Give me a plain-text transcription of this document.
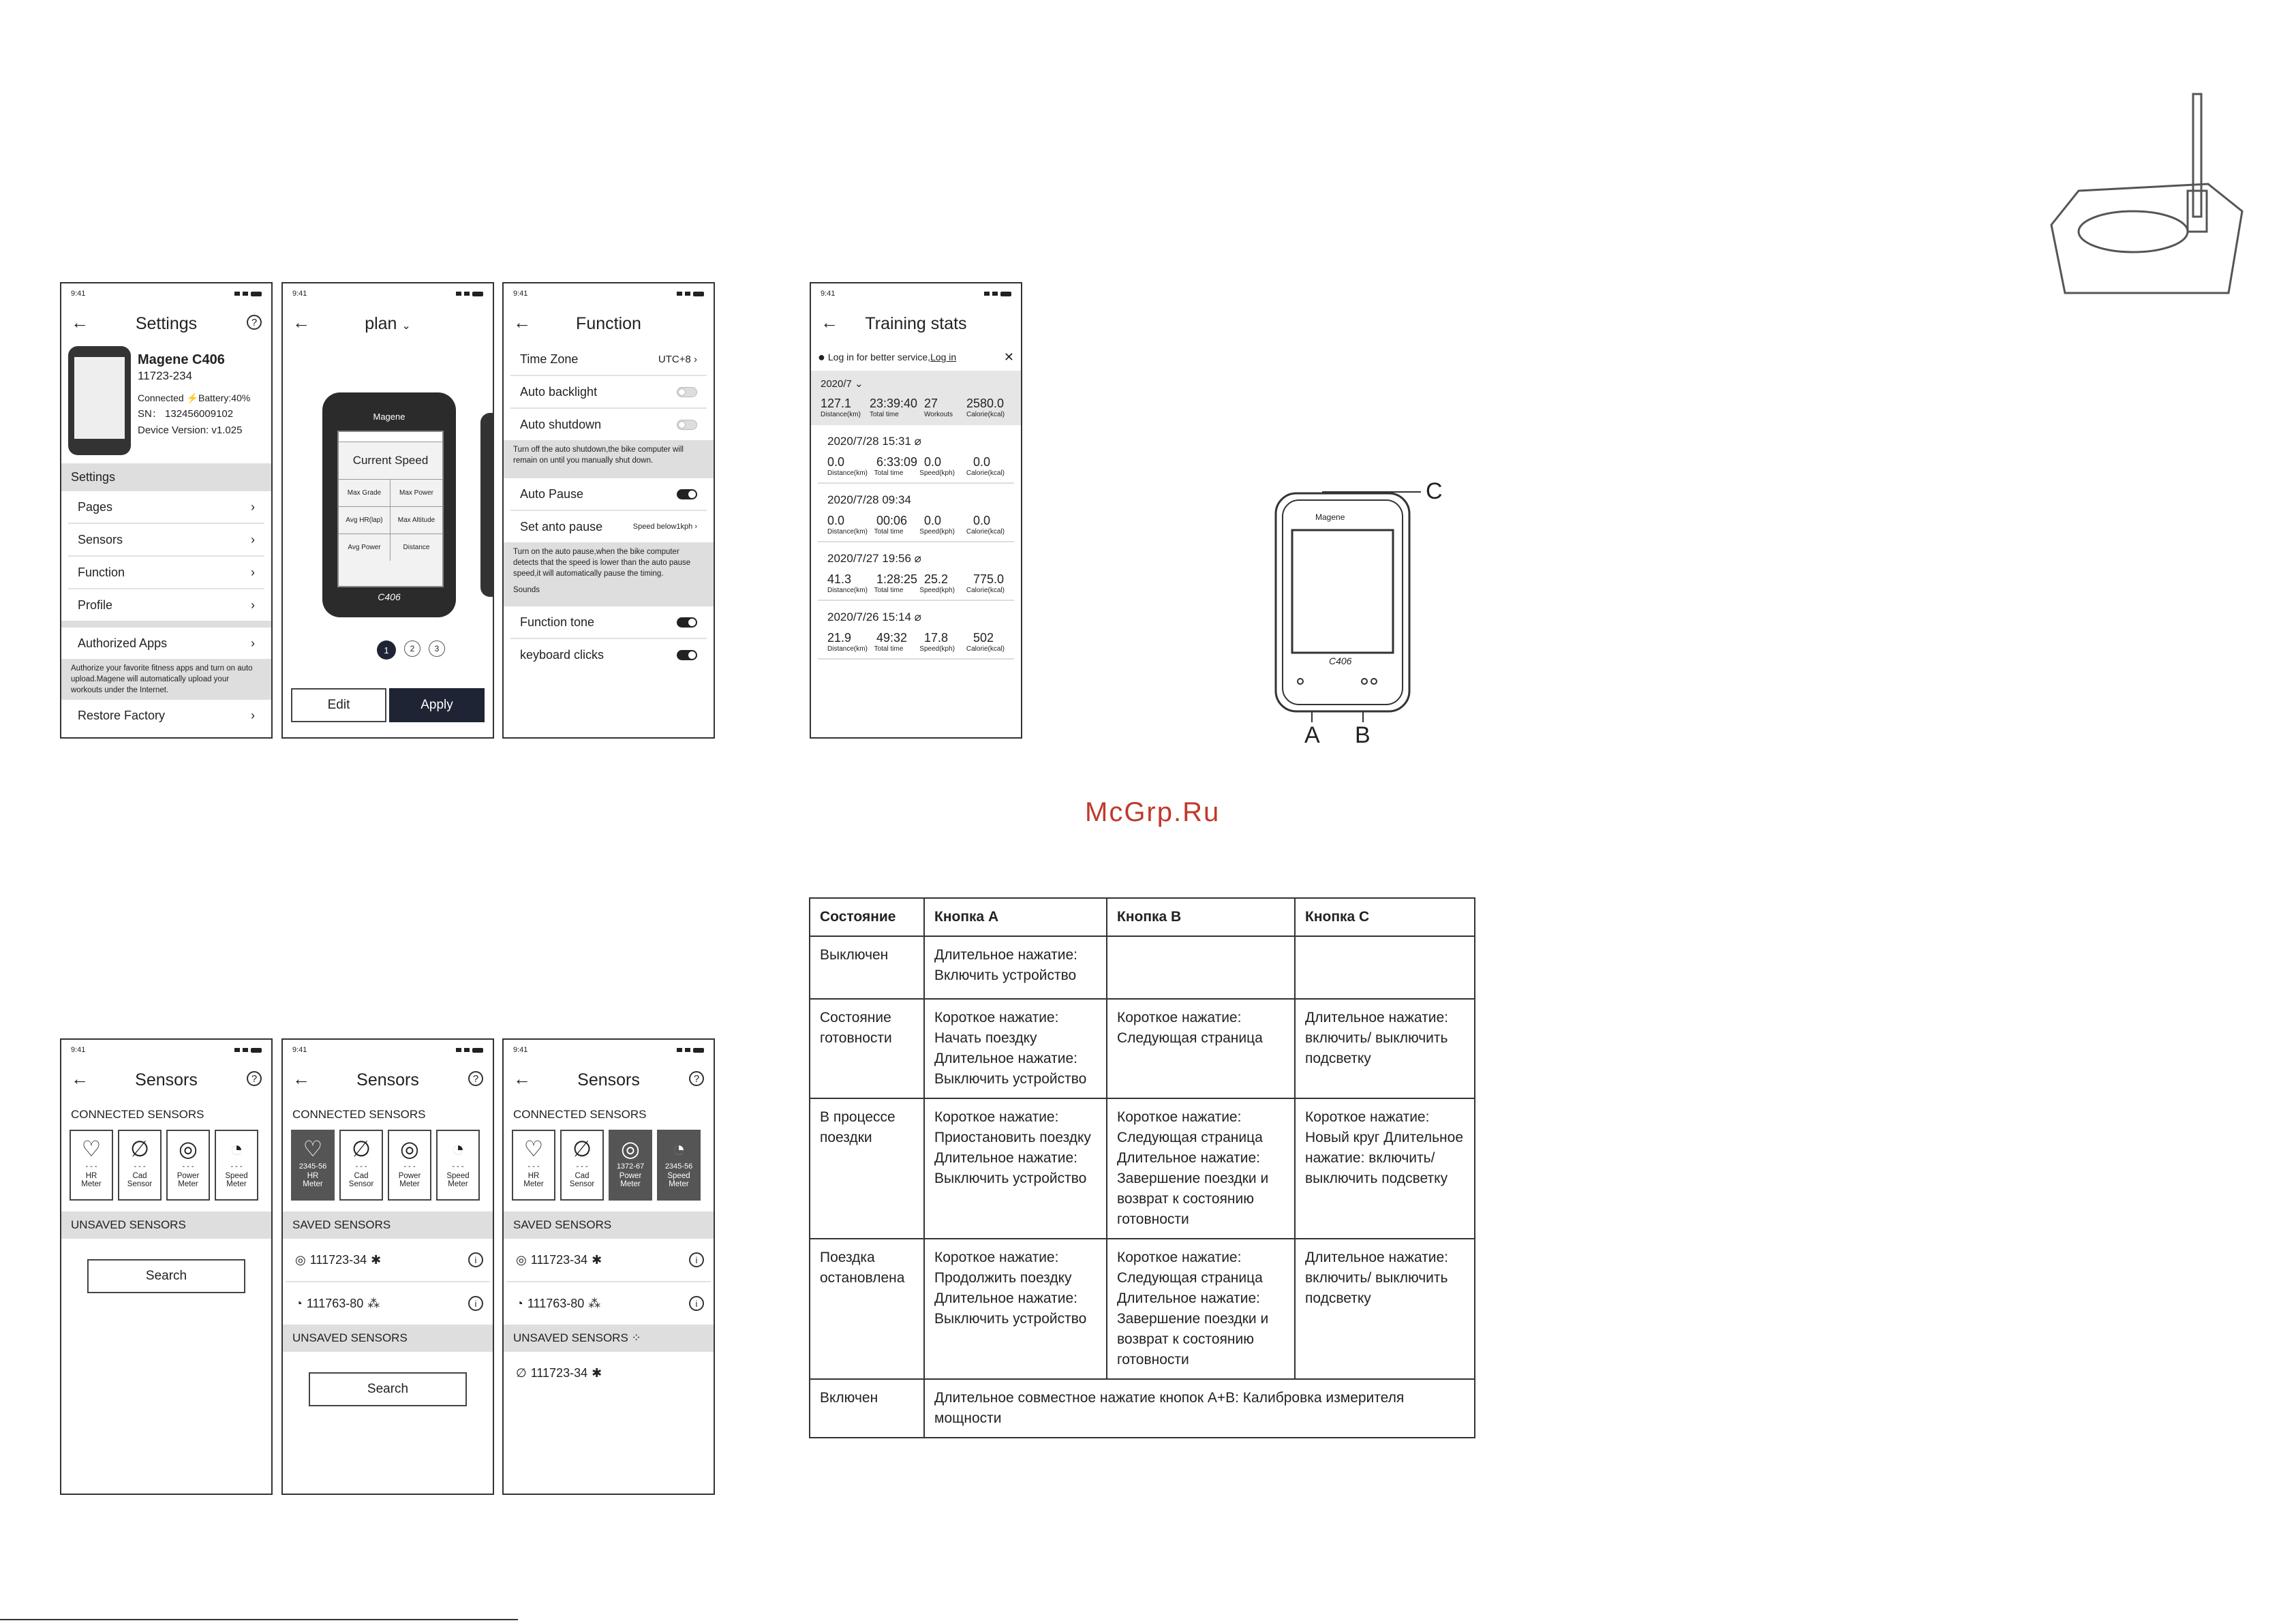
9:41
←	Settings	?
Magene C406
11723-234
Connected ⚡Battery:40%
SN： 132456009102
Device Version: v1.025
Settings
Pages	›
Sensors	›
Function	›
Profile	›
Authorized Apps	›
Authorize your favorite fitness apps and turn on auto upload.Magene will automatically upload your workouts under the Internet.
Restore Factory	›
9:41
←	plan ⌄
Magene
Current Speed
Max Grade	Max Power
Avg HR(lap)	Max Altitude
Avg Power	Distance
C406
1	2	3
Edit	Apply
9:41
←	Function
Time Zone	UTC+8 ›
Auto backlight
Auto shutdown
Turn off the auto shutdown,the bike computer will remain on until you manually shut down.
Auto Pause
Set anto pause	Speed below1kph ›
Turn on the auto pause,when the bike computer detects that the speed is lower than the auto pause speed,it will automatically pause the timing.
Sounds
Function tone
keyboard clicks
9:41
← Training stats
● Log in for better service, Log in	✕
2020/7 ⌄
127.1	23:39:40 27	2580.0
Distance(km)	Total time	Workouts	Calorie(kcal)
2020/7/28 15:31 ⌀
0.0	6:33:09 0.0	0.0
Distance(km) Total time	Speed(kph)	Calorie(kcal)
2020/7/28 09:34
0.0	00:06	0.0	0.0
Distance(km) Total time	Speed(kph)	Calorie(kcal)
2020/7/27 19:56 ⌀
41.3	1:28:25 25.2	775.0
Distance(km) Total time	Speed(kph)	Calorie(kcal)
2020/7/26 15:14 ⌀
21.9	49:32	17.8	502
Distance(km) Total time	Speed(kph)	Calorie(kcal)
Magene
C406
C
A B
McGrp.Ru
9:41
←	Sensors	?
CONNECTED SENSORS
♡
- - -
HR
Meter
∅
- - -
Cad
Sensor
◎
- - -
Power
Meter
◔
- - -
Speed
Meter
UNSAVED SENSORS
Search
9:41
←	Sensors	?
CONNECTED SENSORS
♡
2345-56
HR
Meter
∅
- - -
Cad
Sensor
◎
- - -
Power
Meter
◔
- - -
Speed
Meter
SAVED SENSORS
◎ 111723-34 ✱	i
◔ 111763-80 ⁂	i
UNSAVED SENSORS
Search
9:41
←	Sensors	?
CONNECTED SENSORS
♡
- - -
HR
Meter
∅
- - -
Cad
Sensor
◎
1372-67
Power
Meter
◔
2345-56
Speed
Meter
SAVED SENSORS
◎ 111723-34 ✱	i
◔ 111763-80 ⁂	i
UNSAVED SENSORS ⁘
∅ 111723-34 ✱
Состояние	Кнопка A	Кнопка B	Кнопка C
Выключен	Длительное нажатие: Включить устройство		
Состояние готовности	Короткое нажатие: Начать поездку Длительное нажатие: Выключить устройство	Короткое нажатие: Следующая страница	Длительное нажатие: включить/ выключить подсветку
В процессе поездки	Короткое нажатие: Приостановить поездку Длительное нажатие: Выключить устройство	Короткое нажатие: Следующая страница Длительное нажатие: Завершение поездки и возврат к состоянию готовности	Короткое нажатие: Новый круг Длительное нажатие: включить/ выключить подсветку
Поездка остановлена	Короткое нажатие: Продолжить поездку Длительное нажатие: Выключить устройство	Короткое нажатие: Следующая страница Длительное нажатие: Завершение поездки и возврат к состоянию готовности	Длительное нажатие: включить/ выключить подсветку
Включен	Длительное совместное нажатие кнопок A+B: Калибровка измерителя мощности		
